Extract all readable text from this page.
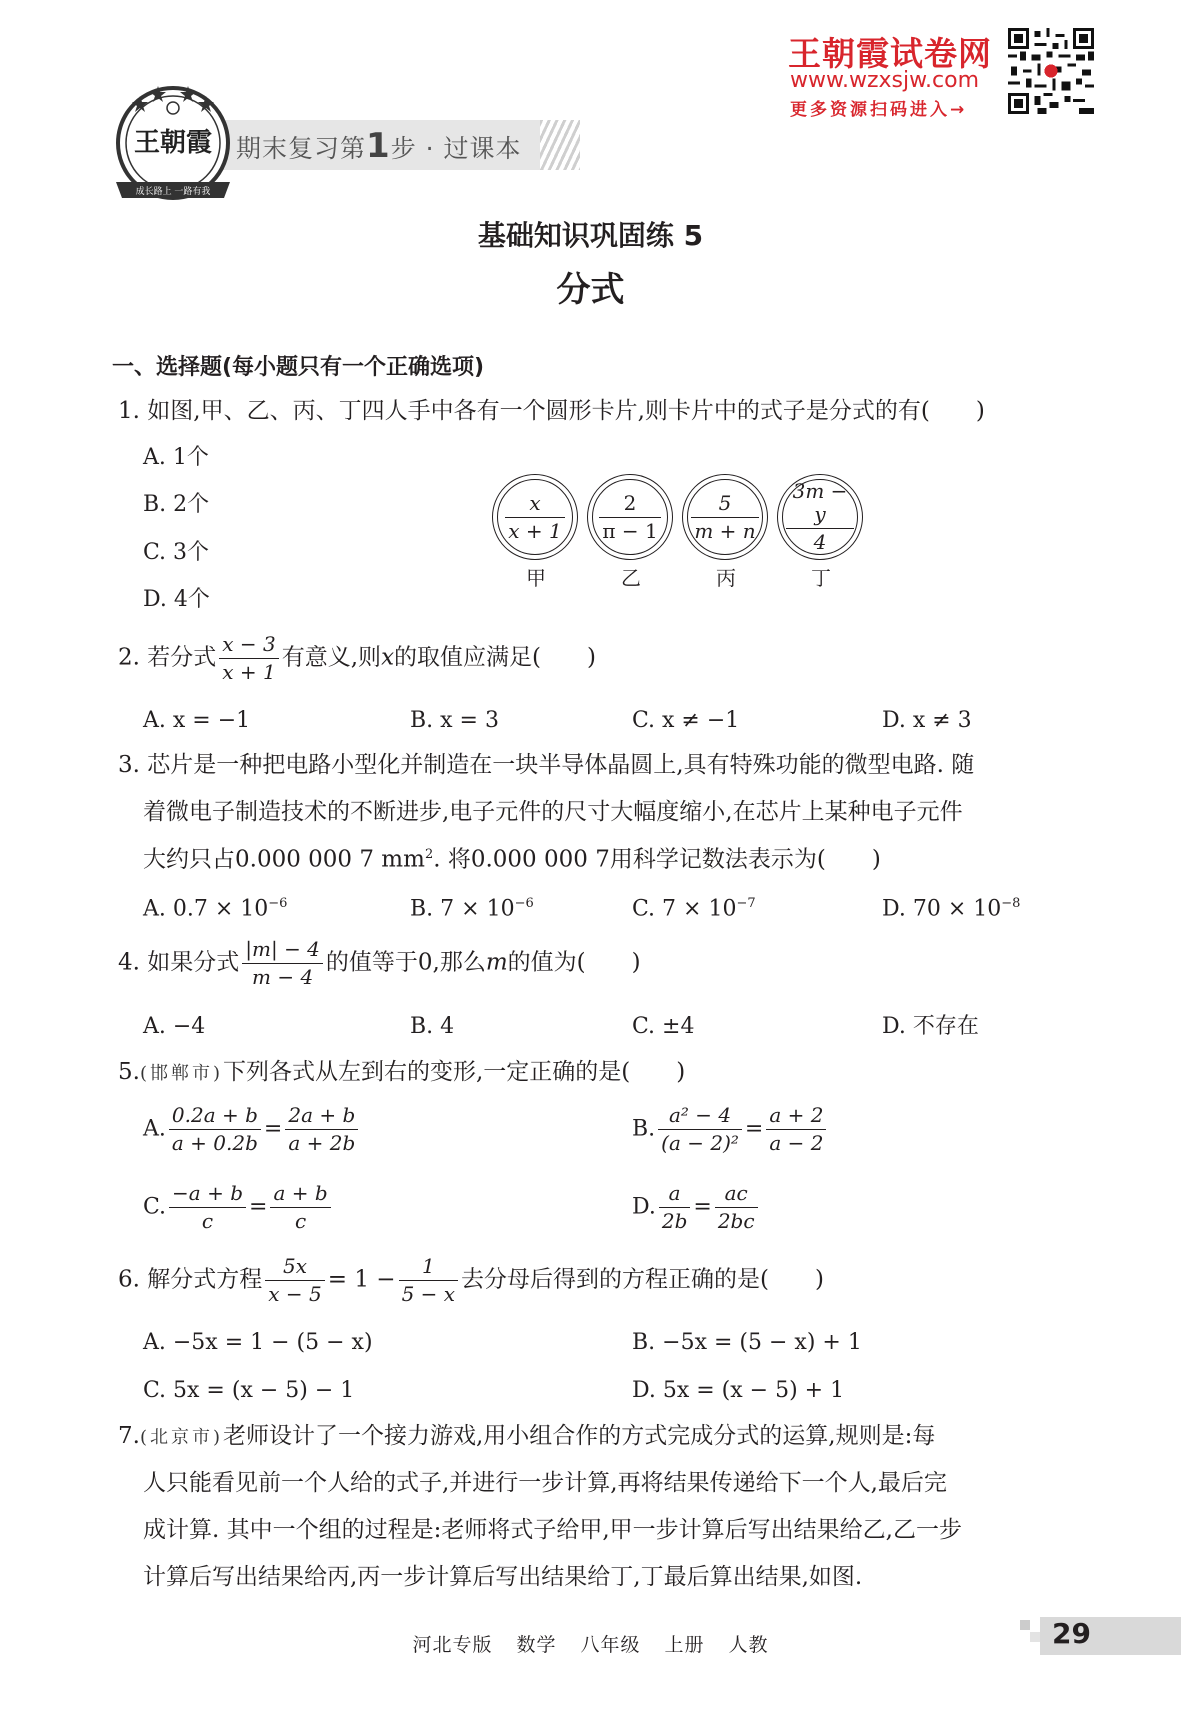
期末复习第1步 · 过课本
王朝霞
成长路上 一路有我
王朝霞试卷网
www.wzxsjw.com
更多资源扫码进入→
基础知识巩固练 5
分式
一、选择题(每小题只有一个正确选项)
1. 如图,甲、乙、丙、丁四人手中各有一个圆形卡片,则卡片中的式子是分式的有(　　)
A. 1个
B. 2个
C. 3个
D. 4个
$\frac{x}{x + 1} \frac{2}{\pi - 1} \frac{5}{m + n} \frac{3m - y}{4}$
甲	乙	丙	丁
2. 若分式 $\frac{x - 3}{x + 1}$ 有意义,则x的取值应满足(　　)
A. x = −1	B. x = 3	C. x ≠ −1	D. x ≠ 3
3. 芯片是一种把电路小型化并制造在一块半导体晶圆上,具有特殊功能的微型电路. 随
着微电子制造技术的不断进步,电子元件的尺寸大幅度缩小,在芯片上某种电子元件
大约只占0.000 000 7 $mm^2$. 将0.000 000 7用科学记数法表示为(　　)
A. $0.7 \times 10^{-6}$	B. $7 \times 10^{-6}$	C. $7 \times 10^{-7}$	D. $70 \times 10^{-8}$
4. 如果分式 $\frac{|m| - 4}{m - 4}$ 的值等于0,那么m的值为(　　)
A. −4	B. 4	C. ±4	D. 不存在
5.(邯郸市)下列各式从左到右的变形,一定正确的是(　　)
A. $\frac{0.2a + b}{a + 0.2b} = \frac{2a + b}{a + 2b}$	B. $\frac{\text{a² − 4}}{\text{(a − 2)²}} = \frac{a + 2}{a - 2}$
C. $\frac{-a + b}{c} = \frac{a + b}{c}$	D. $\frac{a}{2b} = \frac{ac}{2bc}$
6. 解分式方程 $\frac{5x}{x - 5} = 1 - \frac{1}{5 - x}$ 去分母后得到的方程正确的是(　　)
A. −5x = 1 − (5 − x)	B. −5x = (5 − x) + 1
C. 5x = (x − 5) − 1	D. 5x = (x − 5) + 1
7.(北京市)老师设计了一个接力游戏,用小组合作的方式完成分式的运算,规则是:每
人只能看见前一个人给的式子,并进行一步计算,再将结果传递给下一个人,最后完
成计算. 其中一个组的过程是:老师将式子给甲,甲一步计算后写出结果给乙,乙一步
计算后写出结果给丙,丙一步计算后写出结果给丁,丁最后算出结果,如图.
河北专版 数学 八年级 上册 人教	29
